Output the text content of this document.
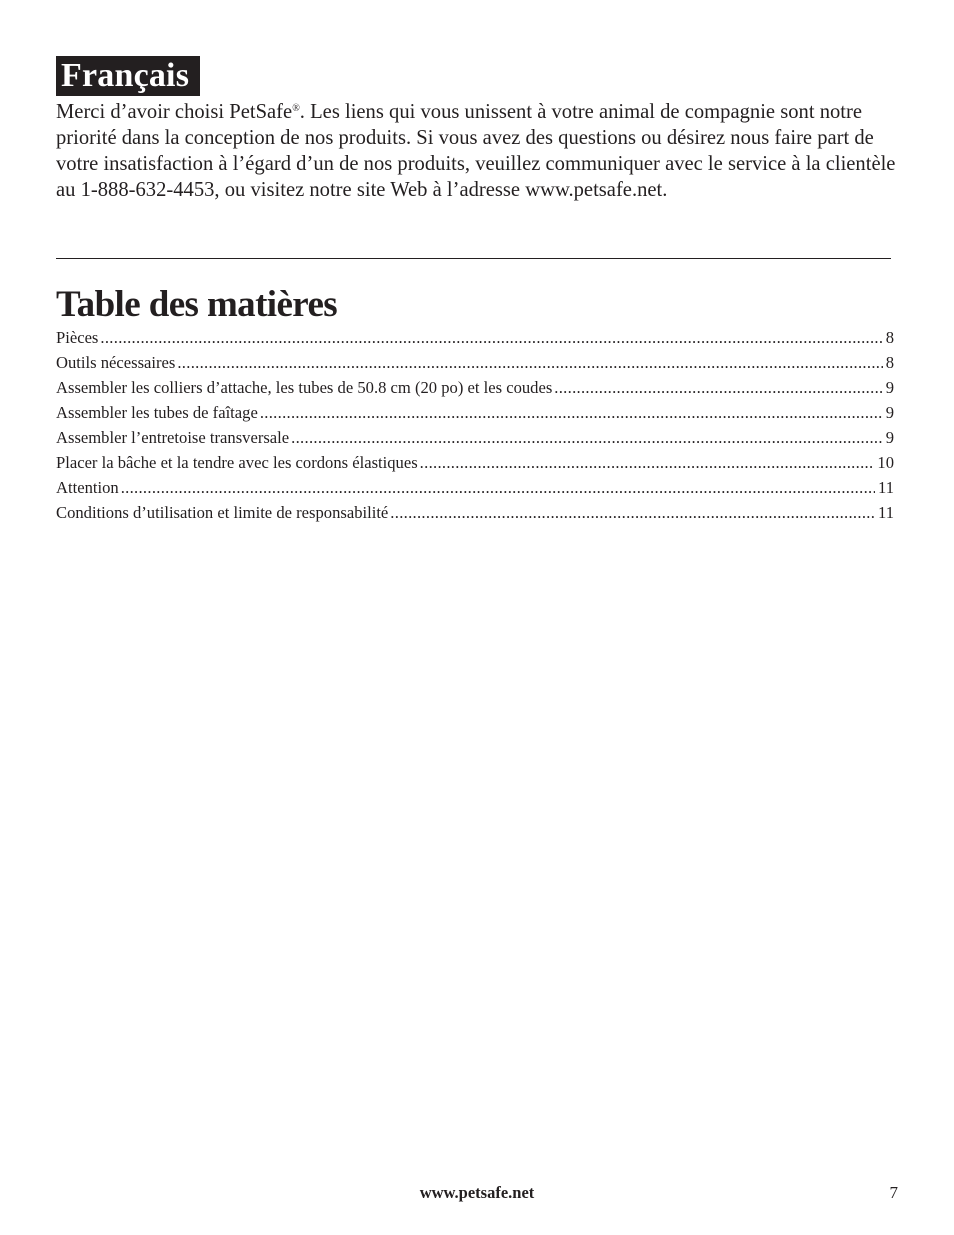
Français

Merci d’avoir choisi PetSafe®. Les liens qui vous unissent à votre animal de compagnie sont notre priorité dans la conception de nos produits. Si vous avez des questions ou désirez nous faire part de votre insatisfaction à l’égard d’un de nos produits, veuillez communiquer avec le service à la clientèle au 1-888-632-4453, ou visitez notre site Web à l’adresse www.petsafe.net.

Table des matières
Pièces .....	8
Outils nécessaires .....	8
Assembler les colliers d’attache, les tubes de 50.8 cm (20 po) et les coudes .....	9
Assembler les tubes de faîtage .....	9
Assembler l’entretoise transversale .....	9
Placer la bâche et la tendre avec les cordons élastiques .....	10
Attention .....	11
Conditions d’utilisation et limite de responsabilité .....	11
www.petsafe.net	7
